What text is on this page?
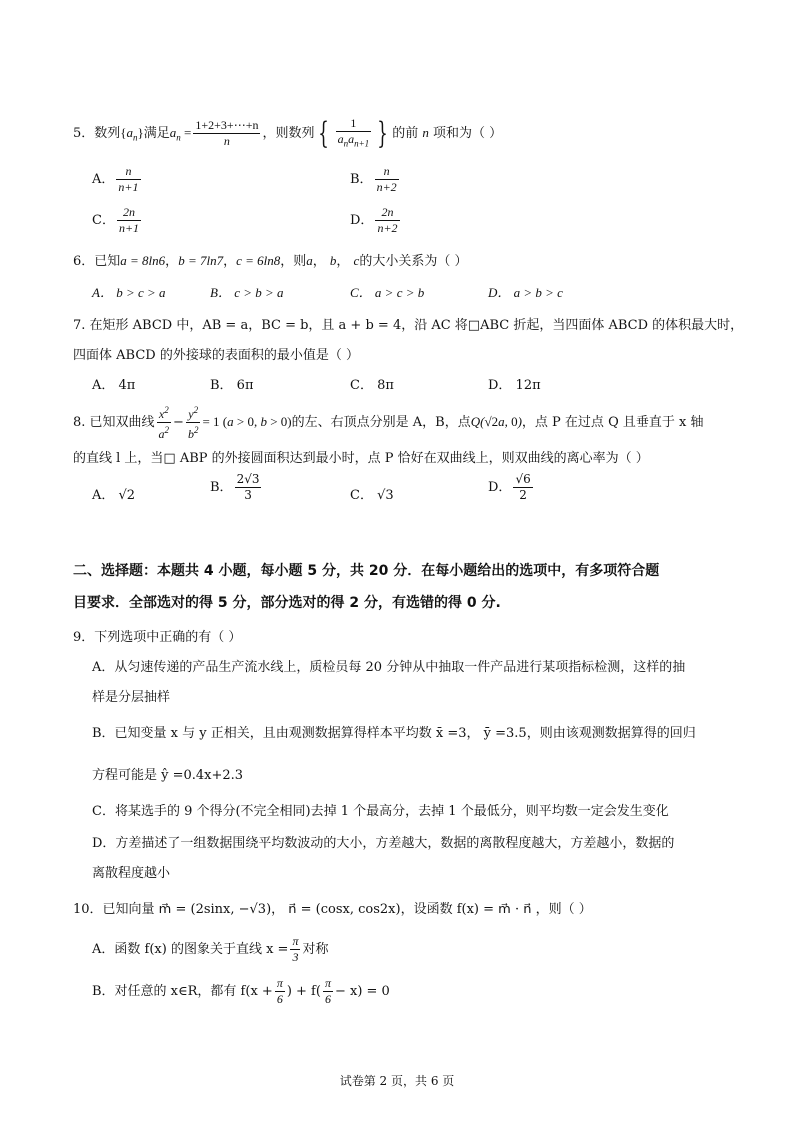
5．数列$\{a_n\}$满足$a_n = \frac{1+2+3+\cdots+n}{n}$ ，则数列 { $\frac{1}{a_na_{n+1}}$ } 的前 n 项和为（ ）
A． $\frac{n}{n+1}$	B． $\frac{n}{n+2}$
C． $\frac{2n}{n+1}$	D． $\frac{2n}{n+2}$
6．已知a = 8ln6，b = 7ln7，c = 6ln8，则a， b， c的大小关系为（ ）
A． b > c > a	B． c > b > a	C． a > c > b	D． a > b > c
7. 在矩形 ABCD 中，AB = a，BC = b，且 a + b = 4，沿 AC 将□ABC 折起，当四面体 ABCD 的体积最大时，
四面体 ABCD 的外接球的表面积的最小值是（ ）
A． 4π	B． 6π	C． 8π	D． 12π
8. 已知双曲线 $\frac{x^2}{a^2} - \frac{y^2}{b^2} = 1$ (a > 0, b > 0)的左、右顶点分别是 A，B，点Q(√2a, 0)，点 P 在过点 Q 且垂直于 x 轴
的直线 l 上，当□ ABP 的外接圆面积达到最小时，点 P 恰好在双曲线上，则双曲线的离心率为（ ）
A． √2
B． $\frac{2√3}{3}$	C． √3
D． $\frac{√6}{2}$
二、选择题：本题共 4 小题，每小题 5 分，共 20 分．在每小题给出的选项中，有多项符合题
目要求．全部选对的得 5 分，部分选对的得 2 分，有选错的得 0 分.
9．下列选项中正确的有（ ）
A．从匀速传递的产品生产流水线上，质检员每 20 分钟从中抽取一件产品进行某项指标检测，这样的抽
样是分层抽样
B．已知变量 x 与 y 正相关，且由观测数据算得样本平均数 x̄ =3， ȳ =3.5，则由该观测数据算得的回归
方程可能是 ŷ =0.4x+2.3
C．将某选手的 9 个得分(不完全相同)去掉 1 个最高分，去掉 1 个最低分，则平均数一定会发生变化
D．方差描述了一组数据围绕平均数波动的大小，方差越大，数据的离散程度越大，方差越小，数据的
离散程度越小
10．已知向量 m⃗ = (2sinx, −√3)， n⃗ = (cosx, cos2x)，设函数 f(x) = m⃗ · n⃗ ，则（ ）
A．函数 f(x) 的图象关于直线 $x = \frac{\pi}{3}$ 对称
B．对任意的 x∈R，都有 $f(x + \frac{\pi}{6}$ ) + $f( \frac{\pi}{6} - x) = 0$
试卷第 2 页，共 6 页
